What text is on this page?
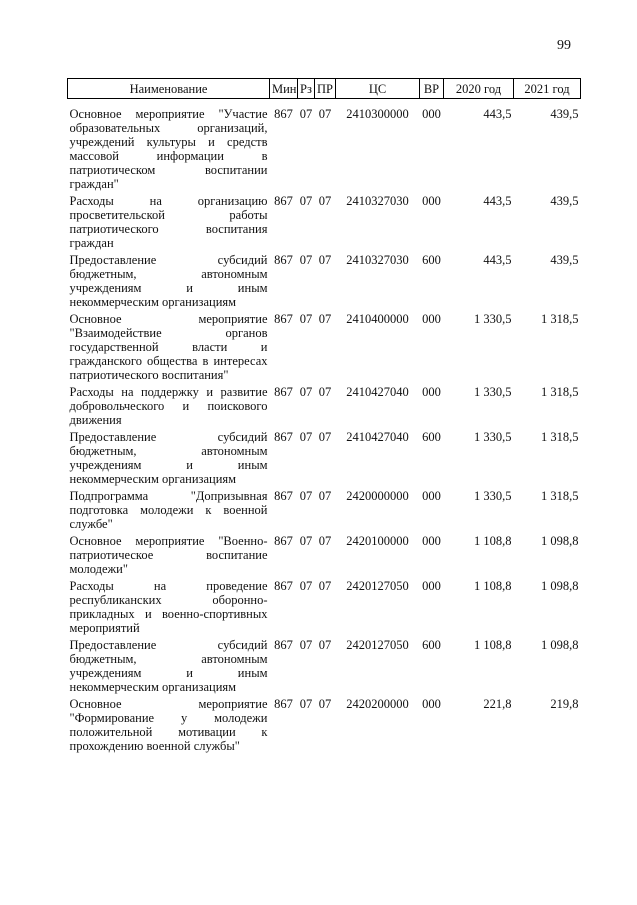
99
Наименование	Мин	Рз	ПР	ЦС	ВР	2020 год	2021 год

Основное мероприятие "Участие образовательных организаций, учреждений культуры и средств массовой информации в патриотическом воспитании граждан"	867	07	07	2410300000	000	443,5	439,5
Расходы на организацию просветительской работы патриотического воспитания граждан	867	07	07	2410327030	000	443,5	439,5
Предоставление субсидий бюджетным, автономным учреждениям и иным некоммерческим организациям	867	07	07	2410327030	600	443,5	439,5
Основное мероприятие "Взаимодействие органов государственной власти и гражданского общества в интересах патриотического воспитания"	867	07	07	2410400000	000	1 330,5	1 318,5
Расходы на поддержку и развитие добровольческого и поискового движения	867	07	07	2410427040	000	1 330,5	1 318,5
Предоставление субсидий бюджетным, автономным учреждениям и иным некоммерческим организациям	867	07	07	2410427040	600	1 330,5	1 318,5
Подпрограмма "Допризывная подготовка молодежи к военной службе"	867	07	07	2420000000	000	1 330,5	1 318,5
Основное мероприятие "Военно-патриотическое воспитание молодежи"	867	07	07	2420100000	000	1 108,8	1 098,8
Расходы на проведение республиканских оборонно-прикладных и военно-спортивных мероприятий	867	07	07	2420127050	000	1 108,8	1 098,8
Предоставление субсидий бюджетным, автономным учреждениям и иным некоммерческим организациям	867	07	07	2420127050	600	1 108,8	1 098,8
Основное мероприятие "Формирование у молодежи положительной мотивации к прохождению военной службы"	867	07	07	2420200000	000	221,8	219,8
